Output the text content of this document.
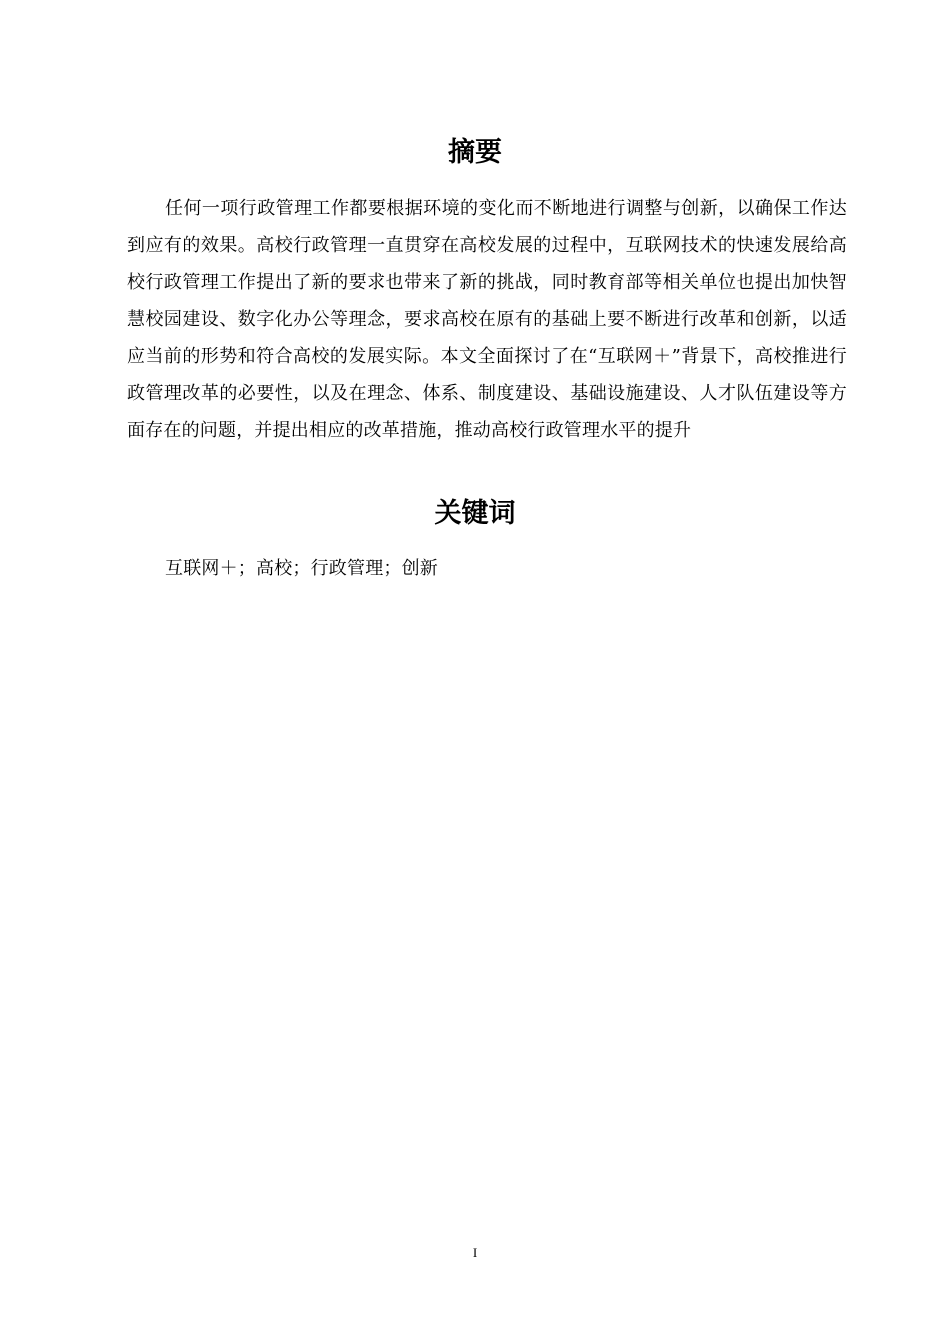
摘要

任何一项行政管理工作都要根据环境的变化而不断地进行调整与创新，以确保工作达到应有的效果。高校行政管理一直贯穿在高校发展的过程中，互联网技术的快速发展给高校行政管理工作提出了新的要求也带来了新的挑战，同时教育部等相关单位也提出加快智慧校园建设、数字化办公等理念，要求高校在原有的基础上要不断进行改革和创新，以适应当前的形势和符合高校的发展实际。本文全面探讨了在“互联网＋”背景下，高校推进行政管理改革的必要性，以及在理念、体系、制度建设、基础设施建设、人才队伍建设等方面存在的问题，并提出相应的改革措施，推动高校行政管理水平的提升

关键词

互联网＋；高校；行政管理；创新

I
